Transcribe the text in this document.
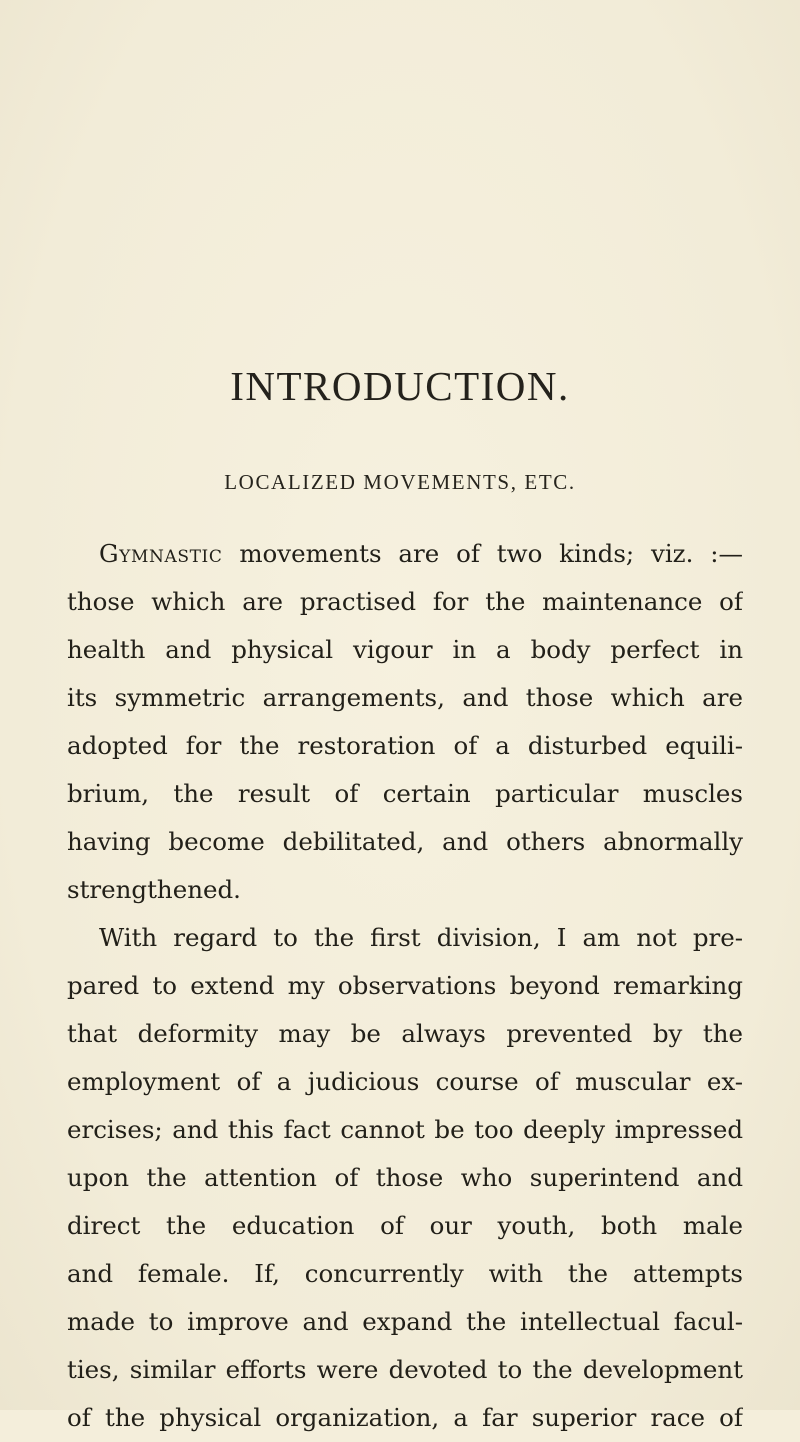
INTRODUCTION.
LOCALIZED MOVEMENTS, ETC.
Gymnastic movements are of two kinds; viz. :—
those which are practised for the maintenance of
health and physical vigour in a body perfect in
its symmetric arrangements, and those which are
adopted for the restoration of a disturbed equili-
brium, the result of certain particular muscles
having become debilitated, and others abnormally
strengthened.
With regard to the first division, I am not pre-
pared to extend my observations beyond remarking
that deformity may be always prevented by the
employment of a judicious course of muscular ex-
ercises; and this fact cannot be too deeply impressed
upon the attention of those who superintend and
direct the education of our youth, both male
and female. If, concurrently with the attempts
made to improve and expand the intellectual facul-
ties, similar efforts were devoted to the development
of the physical organization, a far superior race of
